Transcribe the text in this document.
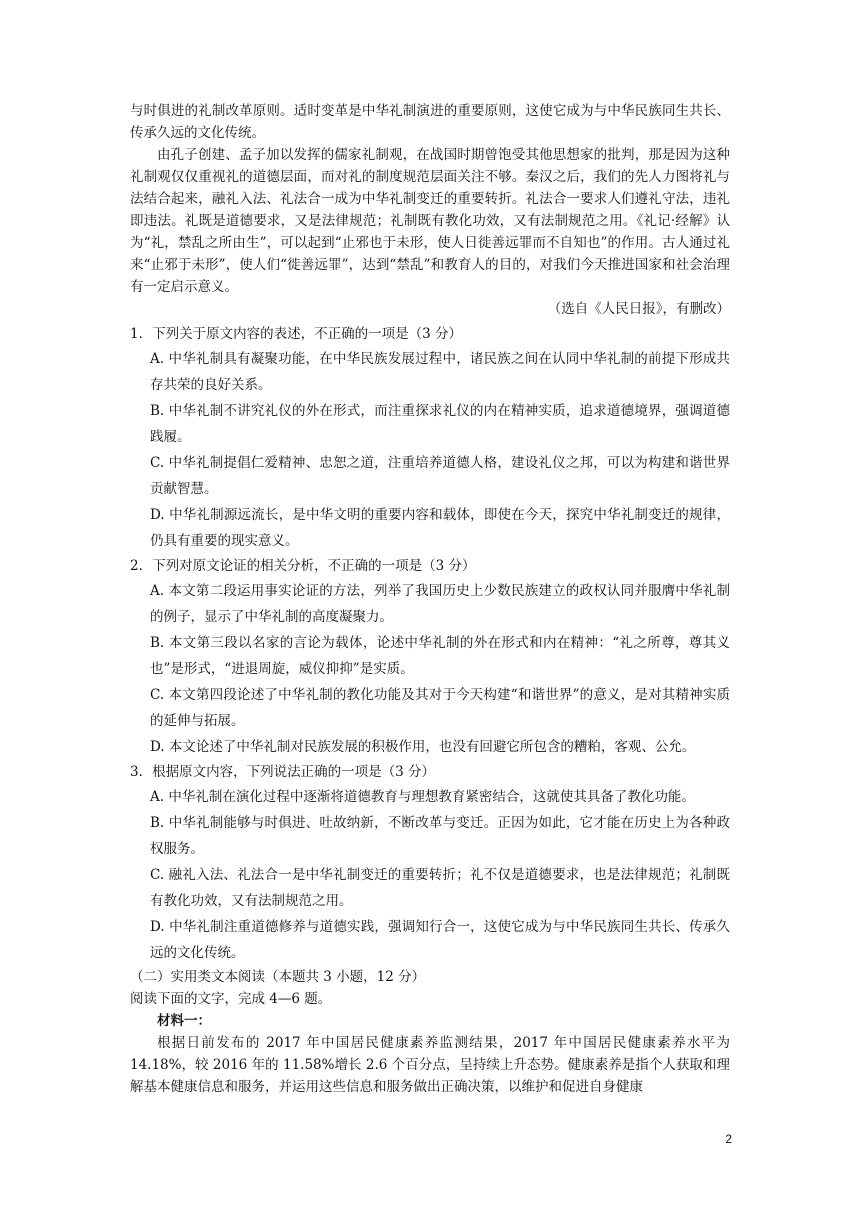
与时俱进的礼制改革原则。适时变革是中华礼制演进的重要原则，这使它成为与中华民族同生共长、传承久远的文化传统。

由孔子创建、孟子加以发挥的儒家礼制观，在战国时期曾饱受其他思想家的批判，那是因为这种礼制观仅仅重视礼的道德层面，而对礼的制度规范层面关注不够。秦汉之后，我们的先人力图将礼与法结合起来，融礼入法、礼法合一成为中华礼制变迁的重要转折。礼法合一要求人们遵礼守法，违礼即违法。礼既是道德要求，又是法律规范；礼制既有教化功效，又有法制规范之用。《礼记·经解》认为“礼，禁乱之所由生”，可以起到“止邪也于未形，使人日徙善远罪而不自知也”的作用。古人通过礼来“止邪于未形”，使人们“徙善远罪”，达到“禁乱”和教育人的目的，对我们今天推进国家和社会治理有一定启示意义。

（选自《人民日报》，有删改）

1．下列关于原文内容的表述，不正确的一项是（3 分）

A. 中华礼制具有凝聚功能，在中华民族发展过程中，诸民族之间在认同中华礼制的前提下形成共存共荣的良好关系。

B. 中华礼制不讲究礼仪的外在形式，而注重探求礼仪的内在精神实质，追求道德境界，强调道德践履。

C. 中华礼制提倡仁爱精神、忠恕之道，注重培养道德人格，建设礼仪之邦，可以为构建和谐世界贡献智慧。

D. 中华礼制源远流长，是中华文明的重要内容和载体，即使在今天，探究中华礼制变迁的规律，仍具有重要的现实意义。

2．下列对原文论证的相关分析，不正确的一项是（3 分）

A. 本文第二段运用事实论证的方法，列举了我国历史上少数民族建立的政权认同并服膺中华礼制的例子，显示了中华礼制的高度凝聚力。

B. 本文第三段以名家的言论为载体，论述中华礼制的外在形式和内在精神：“礼之所尊，尊其义也”是形式，“进退周旋，威仪抑抑”是实质。

C. 本文第四段论述了中华礼制的教化功能及其对于今天构建“和谐世界”的意义，是对其精神实质的延伸与拓展。

D. 本文论述了中华礼制对民族发展的积极作用，也没有回避它所包含的糟粕，客观、公允。

3．根据原文内容，下列说法正确的一项是（3 分）

A. 中华礼制在演化过程中逐渐将道德教育与理想教育紧密结合，这就使其具备了教化功能。

B. 中华礼制能够与时俱进、吐故纳新，不断改革与变迁。正因为如此，它才能在历史上为各种政权服务。

C. 融礼入法、礼法合一是中华礼制变迁的重要转折；礼不仅是道德要求，也是法律规范；礼制既有教化功效，又有法制规范之用。

D. 中华礼制注重道德修养与道德实践，强调知行合一，这使它成为与中华民族同生共长、传承久远的文化传统。

（二）实用类文本阅读（本题共 3 小题，12 分）

阅读下面的文字，完成 4—6 题。

材料一：

根据日前发布的 2017 年中国居民健康素养监测结果，2017 年中国居民健康素养水平为 14.18%，较 2016 年的 11.58%增长 2.6 个百分点，呈持续上升态势。健康素养是指个人获取和理解基本健康信息和服务，并运用这些信息和服务做出正确决策，以维护和促进自身健康

2
